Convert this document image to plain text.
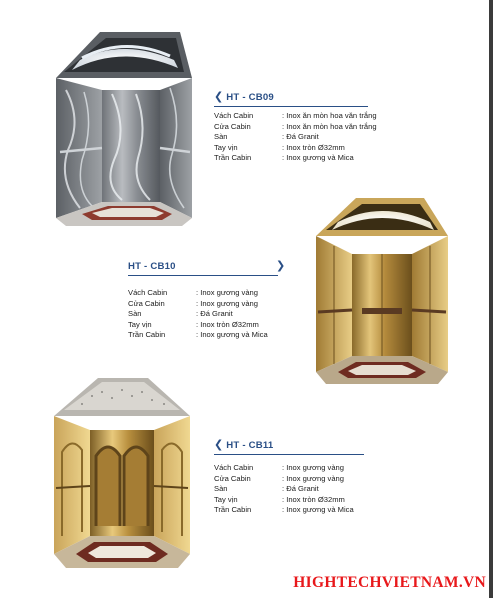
❮ HT - CB09
Vách Cabin	: Inox ăn mòn hoa văn trắng
Cửa Cabin	: Inox ăn mòn hoa văn trắng
Sàn	: Đá Granit
Tay vịn	: Inox tròn Ø32mm
Trần Cabin	: Inox gương và Mica
HT - CB10	❯
Vách Cabin	: Inox gương vàng
Cửa Cabin	: Inox gương vàng
Sàn	: Đá Granit
Tay vịn	: Inox tròn Ø32mm
Trần Cabin	: Inox gương và Mica
❮ HT - CB11
Vách Cabin	: Inox gương vàng
Cửa Cabin	: Inox gương vàng
Sàn	: Đá Granit
Tay vịn	: Inox tròn Ø32mm
Trần Cabin	: Inox gương và Mica
HIGHTECHVIETNAM.VN
